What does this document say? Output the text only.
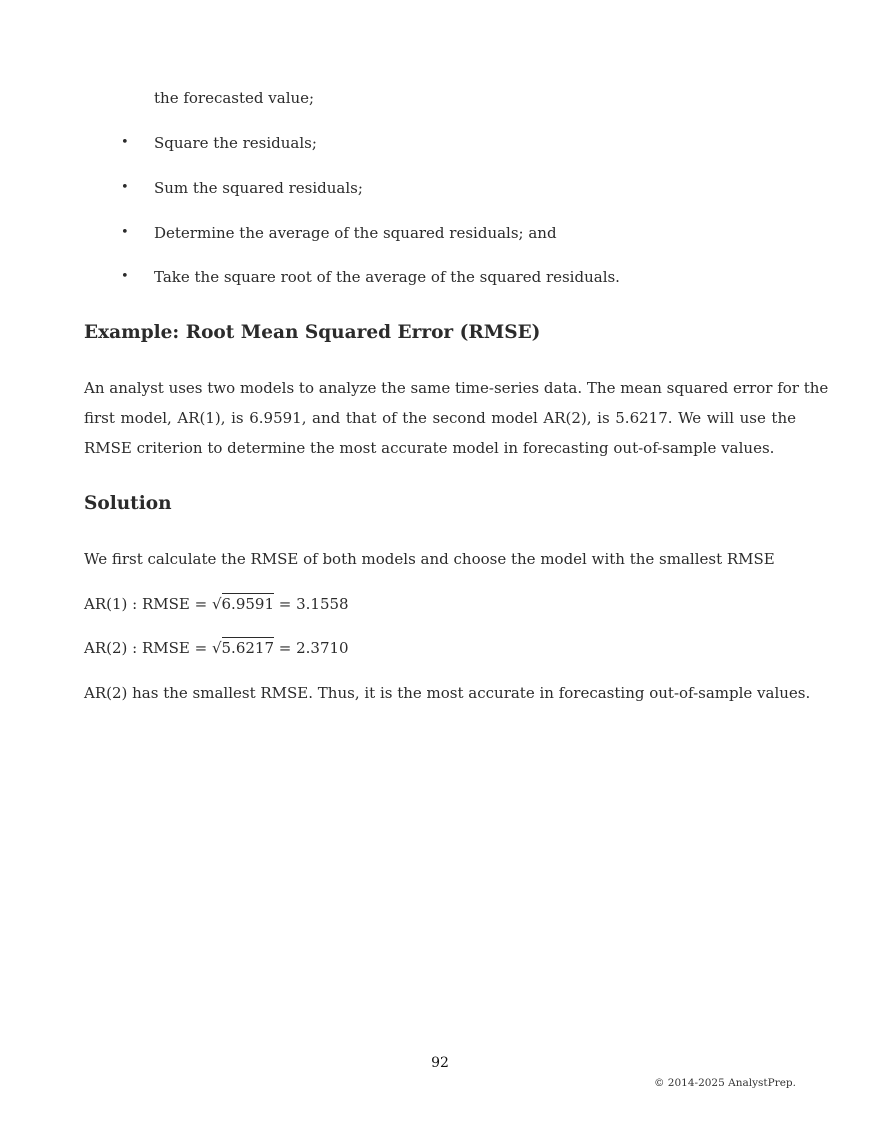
the forecasted value;
• Square the residuals;
• Sum the squared residuals;
• Determine the average of the squared residuals; and
• Take the square root of the average of the squared residuals.
Example: Root Mean Squared Error (RMSE)
An analyst uses two models to analyze the same time-series data. The mean squared error for the
first model, AR(1), is 6.9591, and that of the second model AR(2), is 5.6217. We will use the
RMSE criterion to determine the most accurate model in forecasting out-of-sample values.
Solution
We first calculate the RMSE of both models and choose the model with the smallest RMSE
AR(1) : RMSE = √6.9591 = 3.1558
AR(2) : RMSE = √5.6217 = 2.3710
AR(2) has the smallest RMSE. Thus, it is the most accurate in forecasting out-of-sample values.
92
© 2014-2025 AnalystPrep.
